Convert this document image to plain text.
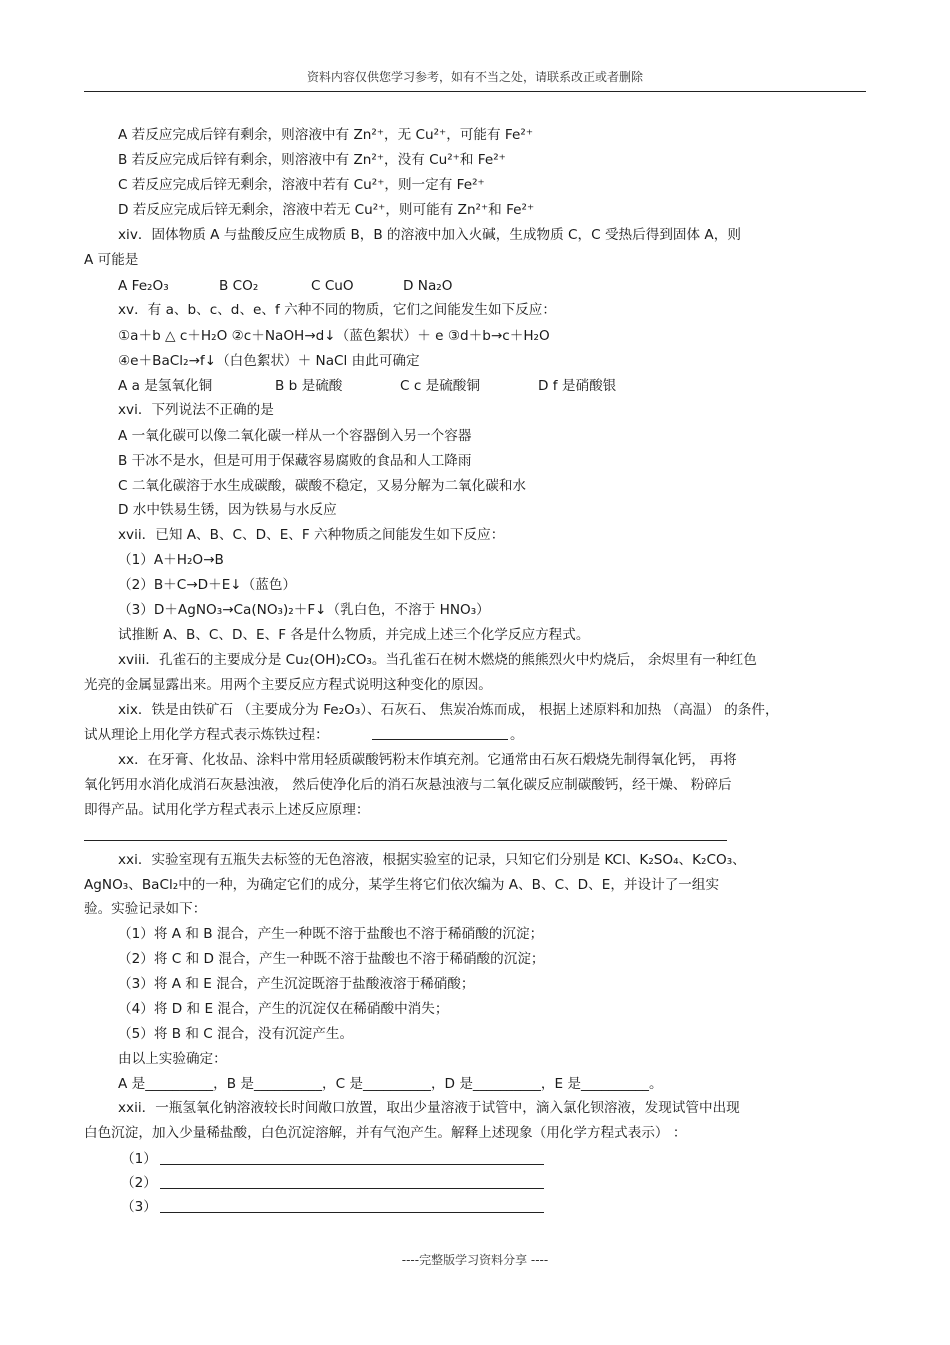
资料内容仅供您学习参考，如有不当之处，请联系改正或者删除
A 若反应完成后锌有剩余，则溶液中有 Zn²⁺，无 Cu²⁺，可能有 Fe²⁺
B 若反应完成后锌有剩余，则溶液中有 Zn²⁺，没有 Cu²⁺和 Fe²⁺
C 若反应完成后锌无剩余，溶液中若有 Cu²⁺，则一定有 Fe²⁺
D 若反应完成后锌无剩余，溶液中若无 Cu²⁺，则可能有 Zn²⁺和 Fe²⁺
xiv．固体物质 A 与盐酸反应生成物质 B，B 的溶液中加入火碱，生成物质 C，C 受热后得到固体 A，则
A 可能是
A Fe₂O₃	B CO₂	C CuO	D Na₂O
xv．有 a、b、c、d、e、f 六种不同的物质，它们之间能发生如下反应：
①a＋b △ c＋H₂O ②c＋NaOH→d↓（蓝色絮状）＋ e ③d＋b→c＋H₂O
④e＋BaCl₂→f↓（白色絮状）＋ NaCl 由此可确定
A a 是氢氧化铜	B b 是硫酸	C c 是硫酸铜	D f 是硝酸银
xvi．下列说法不正确的是
A 一氧化碳可以像二氧化碳一样从一个容器倒入另一个容器
B 干冰不是水，但是可用于保藏容易腐败的食品和人工降雨
C 二氧化碳溶于水生成碳酸，碳酸不稳定，又易分解为二氧化碳和水
D 水中铁易生锈，因为铁易与水反应
xvii．已知 A、B、C、D、E、F 六种物质之间能发生如下反应：
（1）A＋H₂O→B
（2）B＋C→D＋E↓（蓝色）
（3）D＋AgNO₃→Ca(NO₃)₂＋F↓（乳白色，不溶于 HNO₃）
试推断 A、B、C、D、E、F 各是什么物质，并完成上述三个化学反应方程式。
xviii．孔雀石的主要成分是 Cu₂(OH)₂CO₃。当孔雀石在树木燃烧的熊熊烈火中灼烧后， 余烬里有一种红色
光亮的金属显露出来。用两个主要反应方程式说明这种变化的原因。
xix．铁是由铁矿石 （主要成分为 Fe₂O₃）、石灰石、 焦炭冶炼而成， 根据上述原料和加热 （高温） 的条件，
试从理论上用化学方程式表示炼铁过程：	。
xx．在牙膏、化妆品、涂料中常用轻质碳酸钙粉末作填充剂。它通常由石灰石煅烧先制得氧化钙， 再将
氧化钙用水消化成消石灰悬浊液， 然后使净化后的消石灰悬浊液与二氧化碳反应制碳酸钙，经干燥、 粉碎后
即得产品。试用化学方程式表示上述反应原理：
xxi．实验室现有五瓶失去标签的无色溶液，根据实验室的记录，只知它们分别是 KCl、K₂SO₄、K₂CO₃、
AgNO₃、BaCl₂中的一种，为确定它们的成分，某学生将它们依次编为 A、B、C、D、E，并设计了一组实
验。实验记录如下：
（1）将 A 和 B 混合，产生一种既不溶于盐酸也不溶于稀硝酸的沉淀；
（2）将 C 和 D 混合，产生一种既不溶于盐酸也不溶于稀硝酸的沉淀；
（3）将 A 和 E 混合，产生沉淀既溶于盐酸液溶于稀硝酸；
（4）将 D 和 E 混合，产生的沉淀仅在稀硝酸中消失；
（5）将 B 和 C 混合，没有沉淀产生。
由以上实验确定：
A 是__________，B 是__________，C 是__________，D 是__________，E 是__________。
xxii．一瓶氢氧化钠溶液较长时间敞口放置，取出少量溶液于试管中，滴入氯化钡溶液，发现试管中出现
白色沉淀，加入少量稀盐酸，白色沉淀溶解，并有气泡产生。解释上述现象（用化学方程式表示） ：
（1）
（2）
（3）
----完整版学习资料分享 ----
